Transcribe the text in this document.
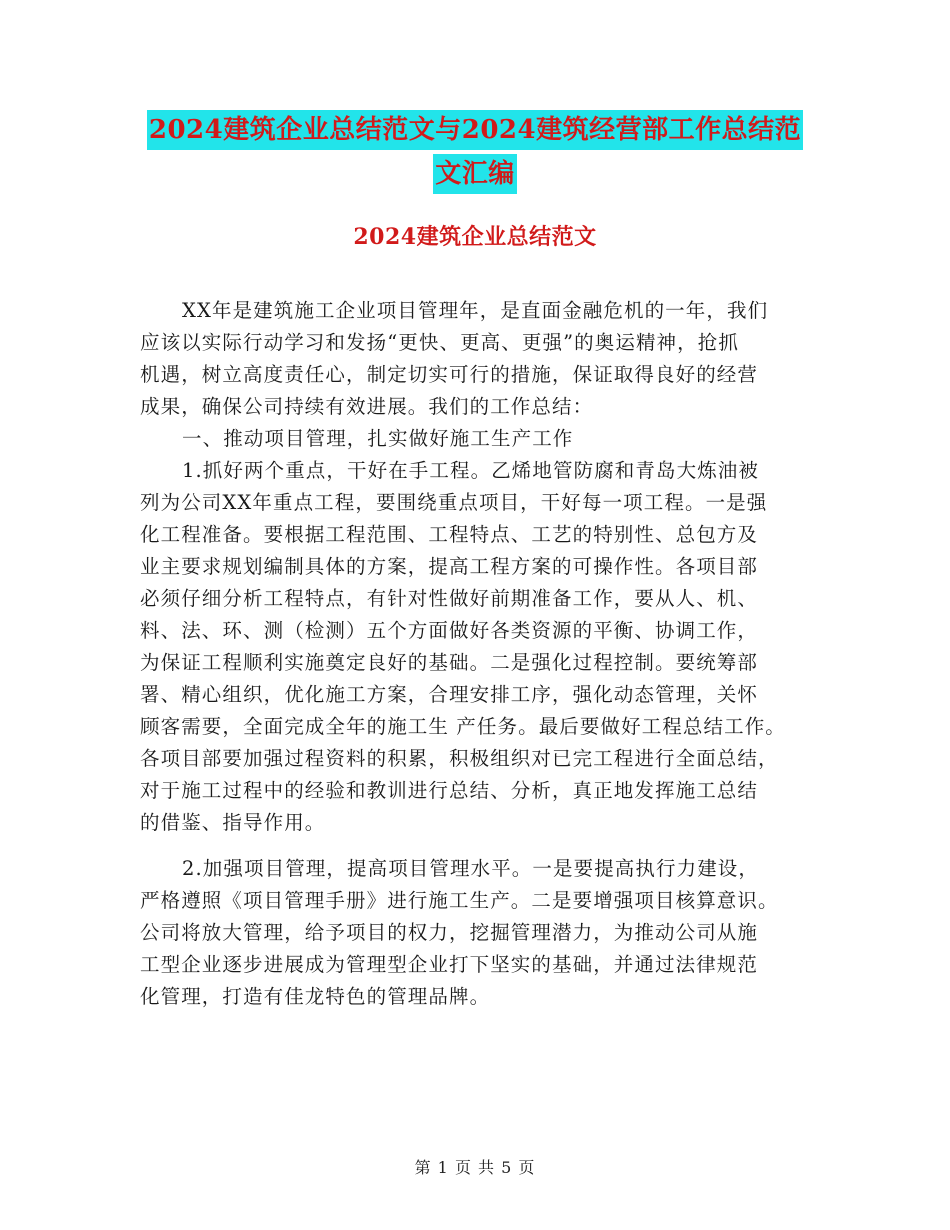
2024建筑企业总结范文与2024建筑经营部工作总结范
文汇编
2024建筑企业总结范文
XX年是建筑施工企业项目管理年，是直面金融危机的一年，我们
应该以实际行动学习和发扬“更快、更高、更强”的奥运精神，抢抓
机遇，树立高度责任心，制定切实可行的措施，保证取得良好的经营
成果，确保公司持续有效进展。我们的工作总结：
一、推动项目管理，扎实做好施工生产工作
1.抓好两个重点，干好在手工程。乙烯地管防腐和青岛大炼油被
列为公司XX年重点工程，要围绕重点项目，干好每一项工程。一是强
化工程准备。要根据工程范围、工程特点、工艺的特别性、总包方及
业主要求规划编制具体的方案，提高工程方案的可操作性。各项目部
必须仔细分析工程特点，有针对性做好前期准备工作，要从人、机、
料、法、环、测（检测）五个方面做好各类资源的平衡、协调工作，
为保证工程顺利实施奠定良好的基础。二是强化过程控制。要统筹部
署、精心组织，优化施工方案，合理安排工序，强化动态管理，关怀
顾客需要，全面完成全年的施工生 产任务。最后要做好工程总结工作。
各项目部要加强过程资料的积累，积极组织对已完工程进行全面总结，
对于施工过程中的经验和教训进行总结、分析，真正地发挥施工总结
的借鉴、指导作用。
2.加强项目管理，提高项目管理水平。一是要提高执行力建设，
严格遵照《项目管理手册》进行施工生产。二是要增强项目核算意识。
公司将放大管理，给予项目的权力，挖掘管理潜力，为推动公司从施
工型企业逐步进展成为管理型企业打下坚实的基础，并通过法律规范
化管理，打造有佳龙特色的管理品牌。
第 1 页 共 5 页
